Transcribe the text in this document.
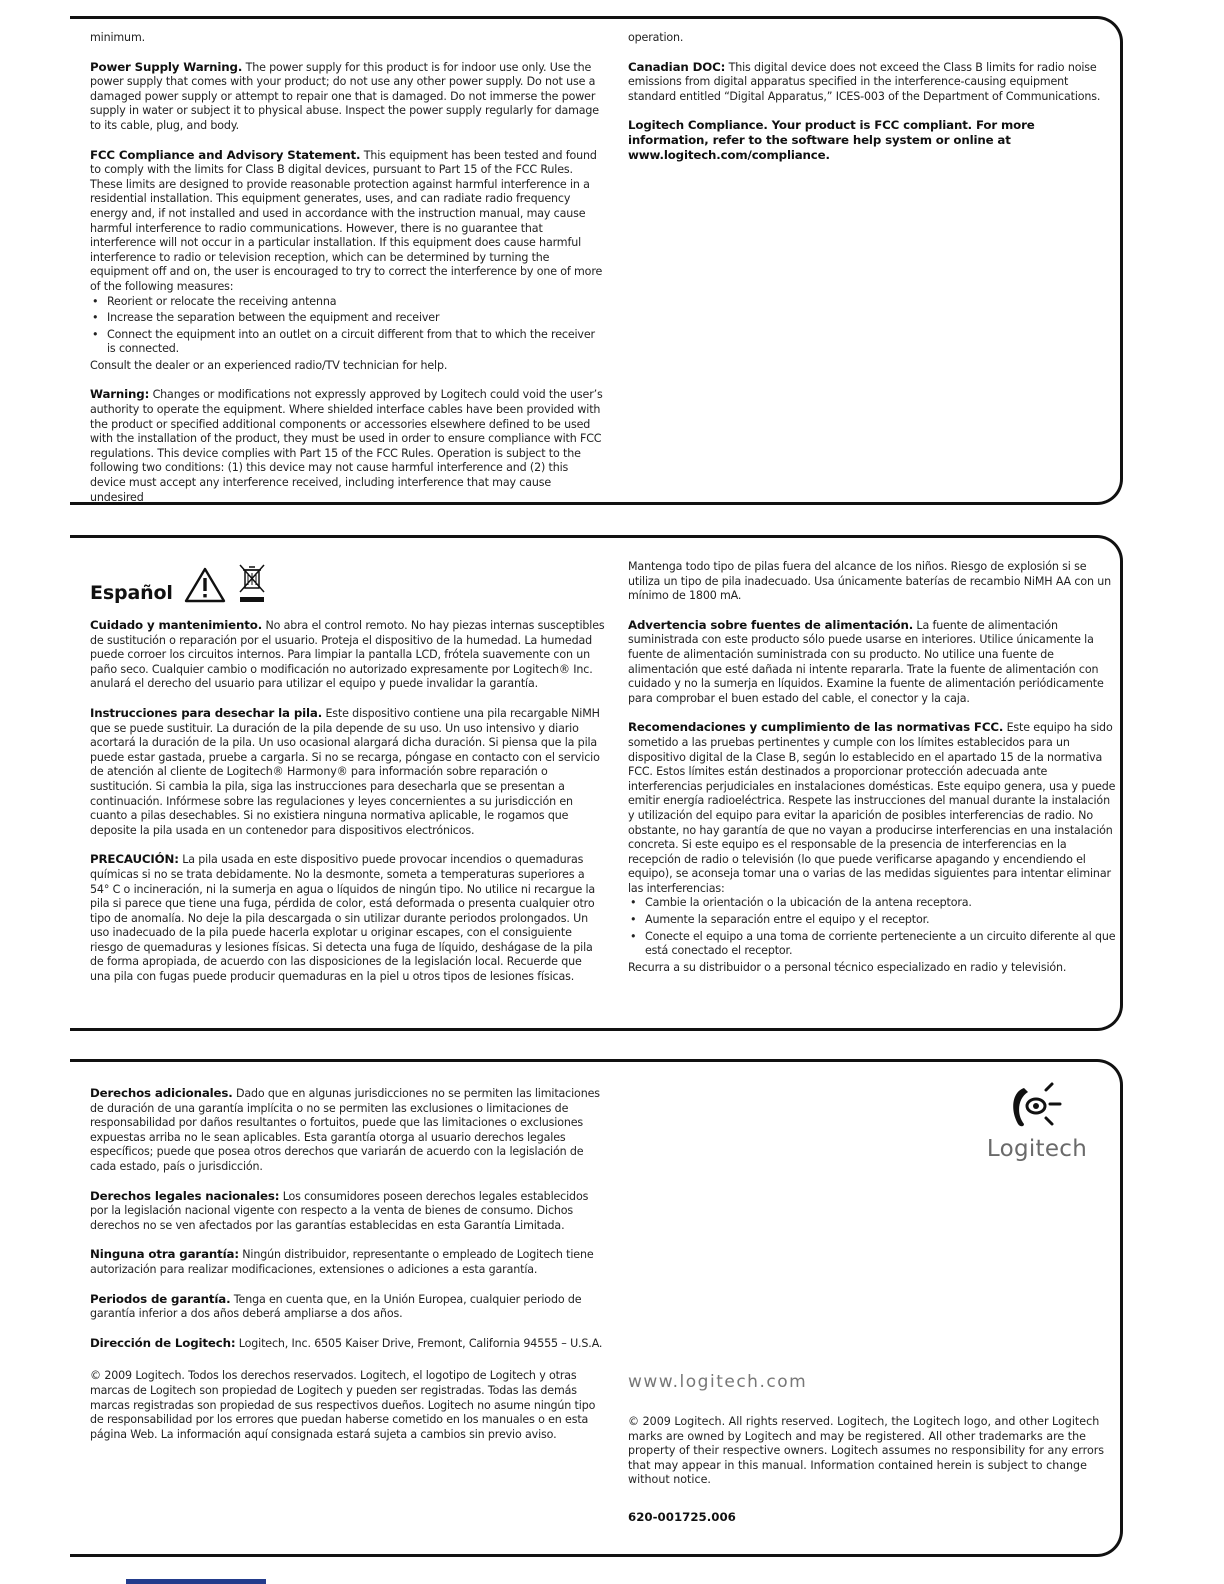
minimum.

Power Supply Warning. The power supply for this product is for indoor use only. Use the power supply that comes with your product; do not use any other power supply. Do not use a damaged power supply or attempt to repair one that is damaged. Do not immerse the power supply in water or subject it to physical abuse. Inspect the power supply regularly for damage to its cable, plug, and body.

FCC Compliance and Advisory Statement. This equipment has been tested and found to comply with the limits for Class B digital devices, pursuant to Part 15 of the FCC Rules. These limits are designed to provide reasonable protection against harmful interference in a residential installation. This equipment generates, uses, and can radiate radio frequency energy and, if not installed and used in accordance with the instruction manual, may cause harmful interference to radio communications. However, there is no guarantee that interference will not occur in a particular installation. If this equipment does cause harmful interference to radio or television reception, which can be determined by turning the equipment off and on, the user is encouraged to try to correct the interference by one of more of the following measures:

• Reorient or relocate the receiving antenna
• Increase the separation between the equipment and receiver
• Connect the equipment into an outlet on a circuit different from that to which the receiver is connected.

Consult the dealer or an experienced radio/TV technician for help.

Warning: Changes or modifications not expressly approved by Logitech could void the user’s authority to operate the equipment. Where shielded interface cables have been provided with the product or specified additional components or accessories elsewhere defined to be used with the installation of the product, they must be used in order to ensure compliance with FCC regulations. This device complies with Part 15 of the FCC Rules. Operation is subject to the following two conditions: (1) this device may not cause harmful interference and (2) this device must accept any interference received, including interference that may cause undesired

operation.

Canadian DOC: This digital device does not exceed the Class B limits for radio noise emissions from digital apparatus specified in the interference-causing equipment standard entitled “Digital Apparatus,” ICES-003 of the Department of Communications.

Logitech Compliance. Your product is FCC compliant. For more information, refer to the software help system or online at www.logitech.com/compliance.

Español

Cuidado y mantenimiento. No abra el control remoto. No hay piezas internas susceptibles de sustitución o reparación por el usuario. Proteja el dispositivo de la humedad. La humedad puede corroer los circuitos internos. Para limpiar la pantalla LCD, frótela suavemente con un paño seco. Cualquier cambio o modificación no autorizado expresamente por Logitech® Inc. anulará el derecho del usuario para utilizar el equipo y puede invalidar la garantía.

Instrucciones para desechar la pila. Este dispositivo contiene una pila recargable NiMH que se puede sustituir. La duración de la pila depende de su uso. Un uso intensivo y diario acortará la duración de la pila. Un uso ocasional alargará dicha duración. Si piensa que la pila puede estar gastada, pruebe a cargarla. Si no se recarga, póngase en contacto con el servicio de atención al cliente de Logitech® Harmony® para información sobre reparación o sustitución. Si cambia la pila, siga las instrucciones para desecharla que se presentan a continuación. Infórmese sobre las regulaciones y leyes concernientes a su jurisdicción en cuanto a pilas desechables. Si no existiera ninguna normativa aplicable, le rogamos que deposite la pila usada en un contenedor para dispositivos electrónicos.

PRECAUCIÓN: La pila usada en este dispositivo puede provocar incendios o quemaduras químicas si no se trata debidamente. No la desmonte, someta a temperaturas superiores a 54° C o incineración, ni la sumerja en agua o líquidos de ningún tipo. No utilice ni recargue la pila si parece que tiene una fuga, pérdida de color, está deformada o presenta cualquier otro tipo de anomalía. No deje la pila descargada o sin utilizar durante periodos prolongados. Un uso inadecuado de la pila puede hacerla explotar u originar escapes, con el consiguiente riesgo de quemaduras y lesiones físicas. Si detecta una fuga de líquido, deshágase de la pila de forma apropiada, de acuerdo con las disposiciones de la legislación local. Recuerde que una pila con fugas puede producir quemaduras en la piel u otros tipos de lesiones físicas.

Mantenga todo tipo de pilas fuera del alcance de los niños. Riesgo de explosión si se utiliza un tipo de pila inadecuado. Usa únicamente baterías de recambio NiMH AA con un mínimo de 1800 mA.

Advertencia sobre fuentes de alimentación. La fuente de alimentación suministrada con este producto sólo puede usarse en interiores. Utilice únicamente la fuente de alimentación suministrada con su producto. No utilice una fuente de alimentación que esté dañada ni intente repararla. Trate la fuente de alimentación con cuidado y no la sumerja en líquidos. Examine la fuente de alimentación periódicamente para comprobar el buen estado del cable, el conector y la caja.

Recomendaciones y cumplimiento de las normativas FCC. Este equipo ha sido sometido a las pruebas pertinentes y cumple con los límites establecidos para un dispositivo digital de la Clase B, según lo establecido en el apartado 15 de la normativa FCC. Estos límites están destinados a proporcionar protección adecuada ante interferencias perjudiciales en instalaciones domésticas. Este equipo genera, usa y puede emitir energía radioeléctrica. Respete las instrucciones del manual durante la instalación y utilización del equipo para evitar la aparición de posibles interferencias de radio. No obstante, no hay garantía de que no vayan a producirse interferencias en una instalación concreta. Si este equipo es el responsable de la presencia de interferencias en la recepción de radio o televisión (lo que puede verificarse apagando y encendiendo el equipo), se aconseja tomar una o varias de las medidas siguientes para intentar eliminar las interferencias:

• Cambie la orientación o la ubicación de la antena receptora.
• Aumente la separación entre el equipo y el receptor.
• Conecte el equipo a una toma de corriente perteneciente a un circuito diferente al que está conectado el receptor.

Recurra a su distribuidor o a personal técnico especializado en radio y televisión.

Derechos adicionales. Dado que en algunas jurisdicciones no se permiten las limitaciones de duración de una garantía implícita o no se permiten las exclusiones o limitaciones de responsabilidad por daños resultantes o fortuitos, puede que las limitaciones o exclusiones expuestas arriba no le sean aplicables. Esta garantía otorga al usuario derechos legales específicos; puede que posea otros derechos que variarán de acuerdo con la legislación de cada estado, país o jurisdicción.

Derechos legales nacionales: Los consumidores poseen derechos legales establecidos por la legislación nacional vigente con respecto a la venta de bienes de consumo. Dichos derechos no se ven afectados por las garantías establecidas en esta Garantía Limitada.

Ninguna otra garantía: Ningún distribuidor, representante o empleado de Logitech tiene autorización para realizar modificaciones, extensiones o adiciones a esta garantía.

Periodos de garantía. Tenga en cuenta que, en la Unión Europea, cualquier periodo de garantía inferior a dos años deberá ampliarse a dos años.

Dirección de Logitech: Logitech, Inc. 6505 Kaiser Drive, Fremont, California 94555 – U.S.A.

© 2009 Logitech. Todos los derechos reservados. Logitech, el logotipo de Logitech y otras marcas de Logitech son propiedad de Logitech y pueden ser registradas. Todas las demás marcas registradas son propiedad de sus respectivos dueños. Logitech no asume ningún tipo de responsabilidad por los errores que puedan haberse cometido en los manuales o en esta página Web. La información aquí consignada estará sujeta a cambios sin previo aviso.

Logitech
www.logitech.com
© 2009 Logitech. All rights reserved. Logitech, the Logitech logo, and other Logitech marks are owned by Logitech and may be registered. All other trademarks are the property of their respective owners. Logitech assumes no responsibility for any errors that may appear in this manual. Information contained herein is subject to change without notice.
620-001725.006
